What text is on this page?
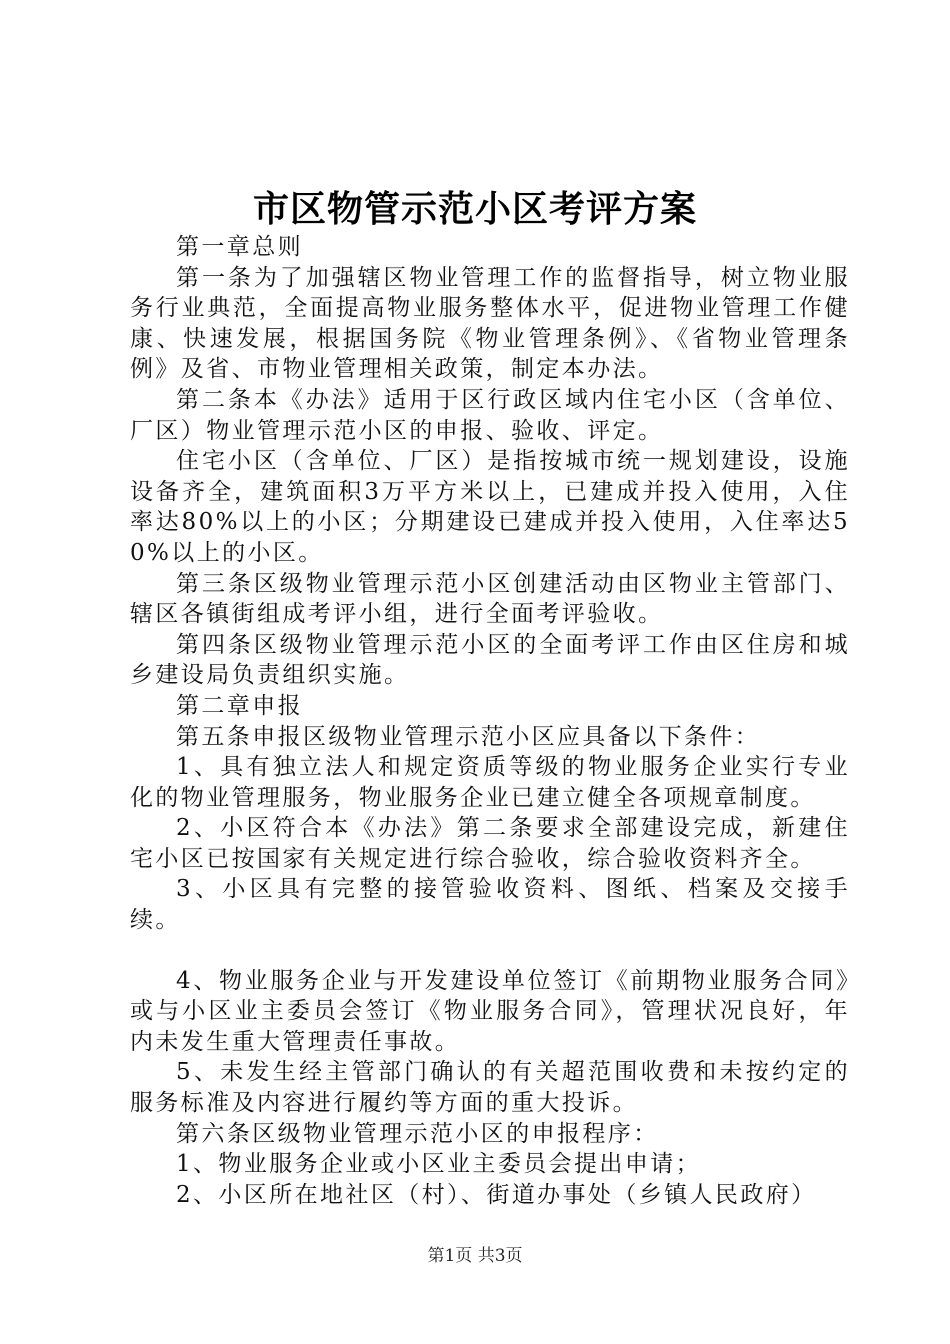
市区物管示范小区考评方案

第一章总则

第一条为了加强辖区物业管理工作的监督指导，树立物业服务行业典范，全面提高物业服务整体水平，促进物业管理工作健康、快速发展，根据国务院《物业管理条例》、《省物业管理条例》及省、市物业管理相关政策，制定本办法。

第二条本《办法》适用于区行政区域内住宅小区（含单位、厂区）物业管理示范小区的申报、验收、评定。

住宅小区（含单位、厂区）是指按城市统一规划建设，设施设备齐全，建筑面积3万平方米以上，已建成并投入使用，入住率达80%以上的小区；分期建设已建成并投入使用，入住率达50%以上的小区。

第三条区级物业管理示范小区创建活动由区物业主管部门、辖区各镇街组成考评小组，进行全面考评验收。

第四条区级物业管理示范小区的全面考评工作由区住房和城乡建设局负责组织实施。

第二章申报

第五条申报区级物业管理示范小区应具备以下条件：

1、具有独立法人和规定资质等级的物业服务企业实行专业化的物业管理服务，物业服务企业已建立健全各项规章制度。

2、小区符合本《办法》第二条要求全部建设完成，新建住宅小区已按国家有关规定进行综合验收，综合验收资料齐全。

3、小区具有完整的接管验收资料、图纸、档案及交接手续。

4、物业服务企业与开发建设单位签订《前期物业服务合同》或与小区业主委员会签订《物业服务合同》，管理状况良好，年内未发生重大管理责任事故。

5、未发生经主管部门确认的有关超范围收费和未按约定的服务标准及内容进行履约等方面的重大投诉。

第六条区级物业管理示范小区的申报程序：

1、物业服务企业或小区业主委员会提出申请；

2、小区所在地社区（村）、街道办事处（乡镇人民政府）

第1页 共3页
